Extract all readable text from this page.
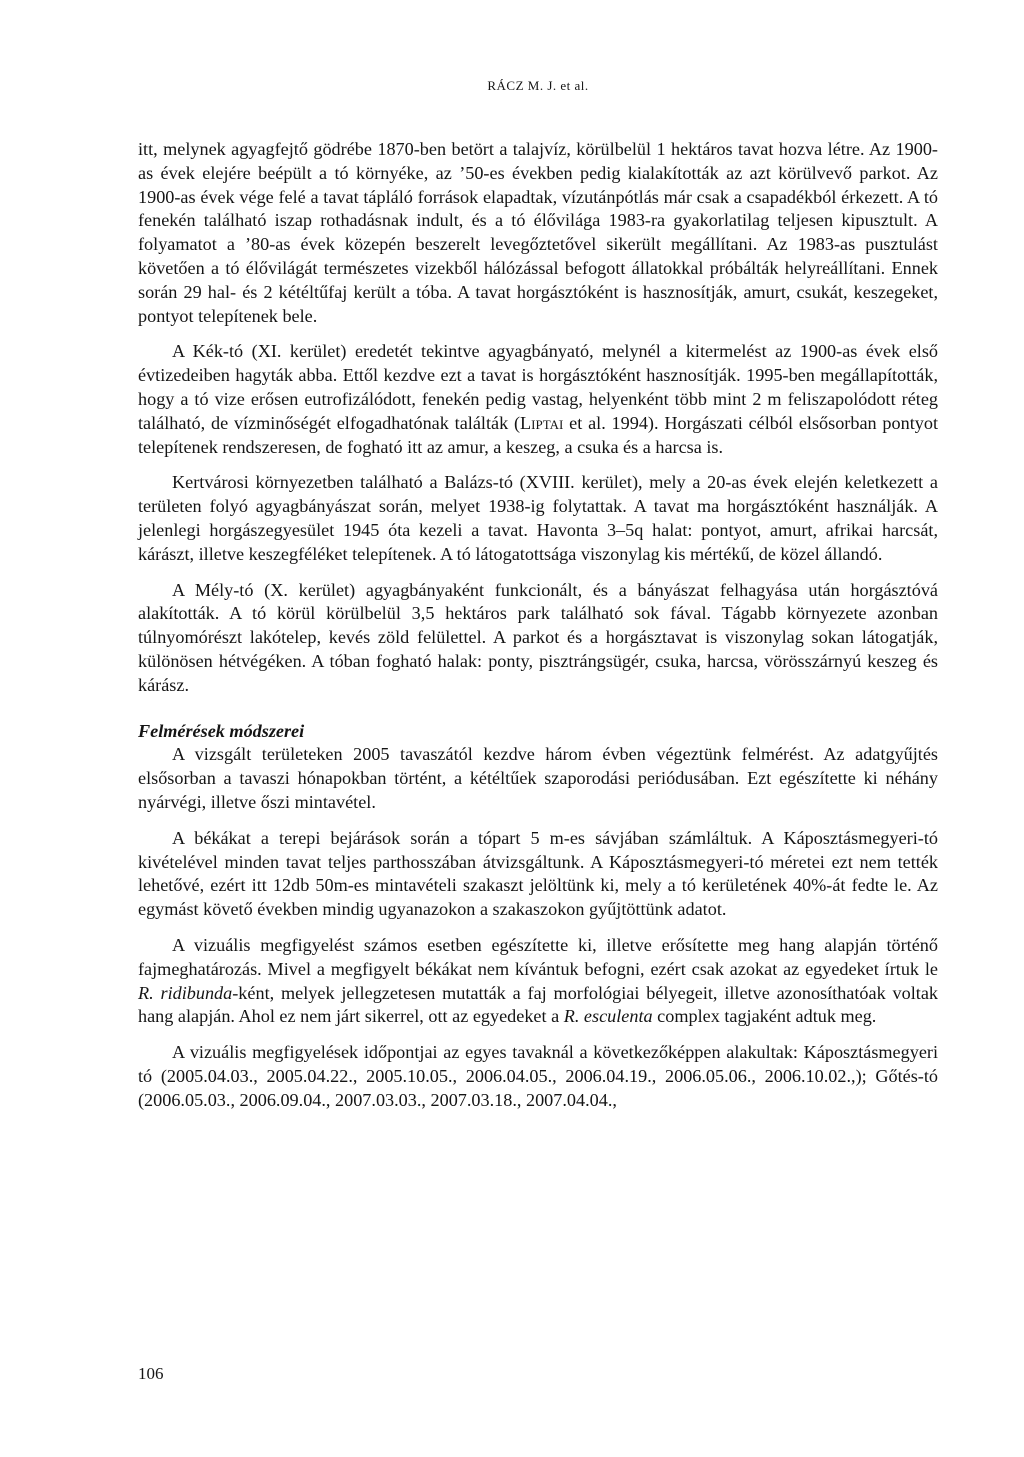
RÁCZ M. J. et al.

itt, melynek agyagfejtő gödrébe 1870-ben betört a talajvíz, körülbelül 1 hektáros tavat hozva létre. Az 1900-as évek elejére beépült a tó környéke, az ’50-es években pedig kialakították az azt körülvevő parkot. Az 1900-as évek vége felé a tavat tápláló források elapadtak, vízutánpótlás már csak a csapadékból érkezett. A tó fenekén található iszap rothadásnak indult, és a tó élővilága 1983-ra gyakorlatilag teljesen kipusztult. A folyamatot a ’80-as évek közepén beszerelt levegőztetővel sikerült megállítani. Az 1983-as pusztulást követően a tó élővilágát természetes vizekből hálózással befogott állatokkal próbálták helyreállítani. Ennek során 29 hal- és 2 kétéltűfaj került a tóba. A tavat horgásztóként is hasznosítják, amurt, csukát, keszegeket, pontyot telepítenek bele.

A Kék-tó (XI. kerület) eredetét tekintve agyagbányató, melynél a kitermelést az 1900-as évek első évtizedeiben hagyták abba. Ettől kezdve ezt a tavat is horgásztóként hasznosítják. 1995-ben megállapították, hogy a tó vize erősen eutrofizálódott, fenekén pedig vastag, helyenként több mint 2 m feliszapolódott réteg található, de vízminőségét elfogadhatónak találták (Liptai et al. 1994). Horgászati célból elsősorban pontyot telepítenek rendszeresen, de fogható itt az amur, a keszeg, a csuka és a harcsa is.

Kertvárosi környezetben található a Balázs-tó (XVIII. kerület), mely a 20-as évek elején keletkezett a területen folyó agyagbányászat során, melyet 1938-ig folytattak. A tavat ma horgásztóként használják. A jelenlegi horgászegyesület 1945 óta kezeli a tavat. Havonta 3–5q halat: pontyot, amurt, afrikai harcsát, kárászt, illetve keszegféléket telepítenek. A tó látogatottsága viszonylag kis mértékű, de közel állandó.

A Mély-tó (X. kerület) agyagbányaként funkcionált, és a bányászat felhagyása után horgásztóvá alakították. A tó körül körülbelül 3,5 hektáros park található sok fával. Tágabb környezete azonban túlnyomórészt lakótelep, kevés zöld felülettel. A parkot és a horgásztavat is viszonylag sokan látogatják, különösen hétvégéken. A tóban fogható halak: ponty, pisztrángsügér, csuka, harcsa, vörösszárnyú keszeg és kárász.

Felmérések módszerei

A vizsgált területeken 2005 tavaszától kezdve három évben végeztünk felmérést. Az adatgyűjtés elsősorban a tavaszi hónapokban történt, a kétéltűek szaporodási periódusában. Ezt egészítette ki néhány nyárvégi, illetve őszi mintavétel.

A békákat a terepi bejárások során a tópart 5 m-es sávjában számláltuk. A Káposztásmegyeri-tó kivételével minden tavat teljes parthosszában átvizsgáltunk. A Káposztásmegyeri-tó méretei ezt nem tették lehetővé, ezért itt 12db 50m-es mintavételi szakaszt jelöltünk ki, mely a tó kerületének 40%-át fedte le. Az egymást követő években mindig ugyanazokon a szakaszokon gyűjtöttünk adatot.

A vizuális megfigyelést számos esetben egészítette ki, illetve erősítette meg hang alapján történő fajmeghatározás. Mivel a megfigyelt békákat nem kívántuk befogni, ezért csak azokat az egyedeket írtuk le R. ridibunda-ként, melyek jellegzetesen mutatták a faj morfológiai bélyegeit, illetve azonosíthatóak voltak hang alapján. Ahol ez nem járt sikerrel, ott az egyedeket a R. esculenta complex tagjaként adtuk meg.

A vizuális megfigyelések időpontjai az egyes tavaknál a következőképpen alakultak: Káposztásmegyeri tó (2005.04.03., 2005.04.22., 2005.10.05., 2006.04.05., 2006.04.19., 2006.05.06., 2006.10.02.,); Gőtés-tó (2006.05.03., 2006.09.04., 2007.03.03., 2007.03.18., 2007.04.04.,

106
